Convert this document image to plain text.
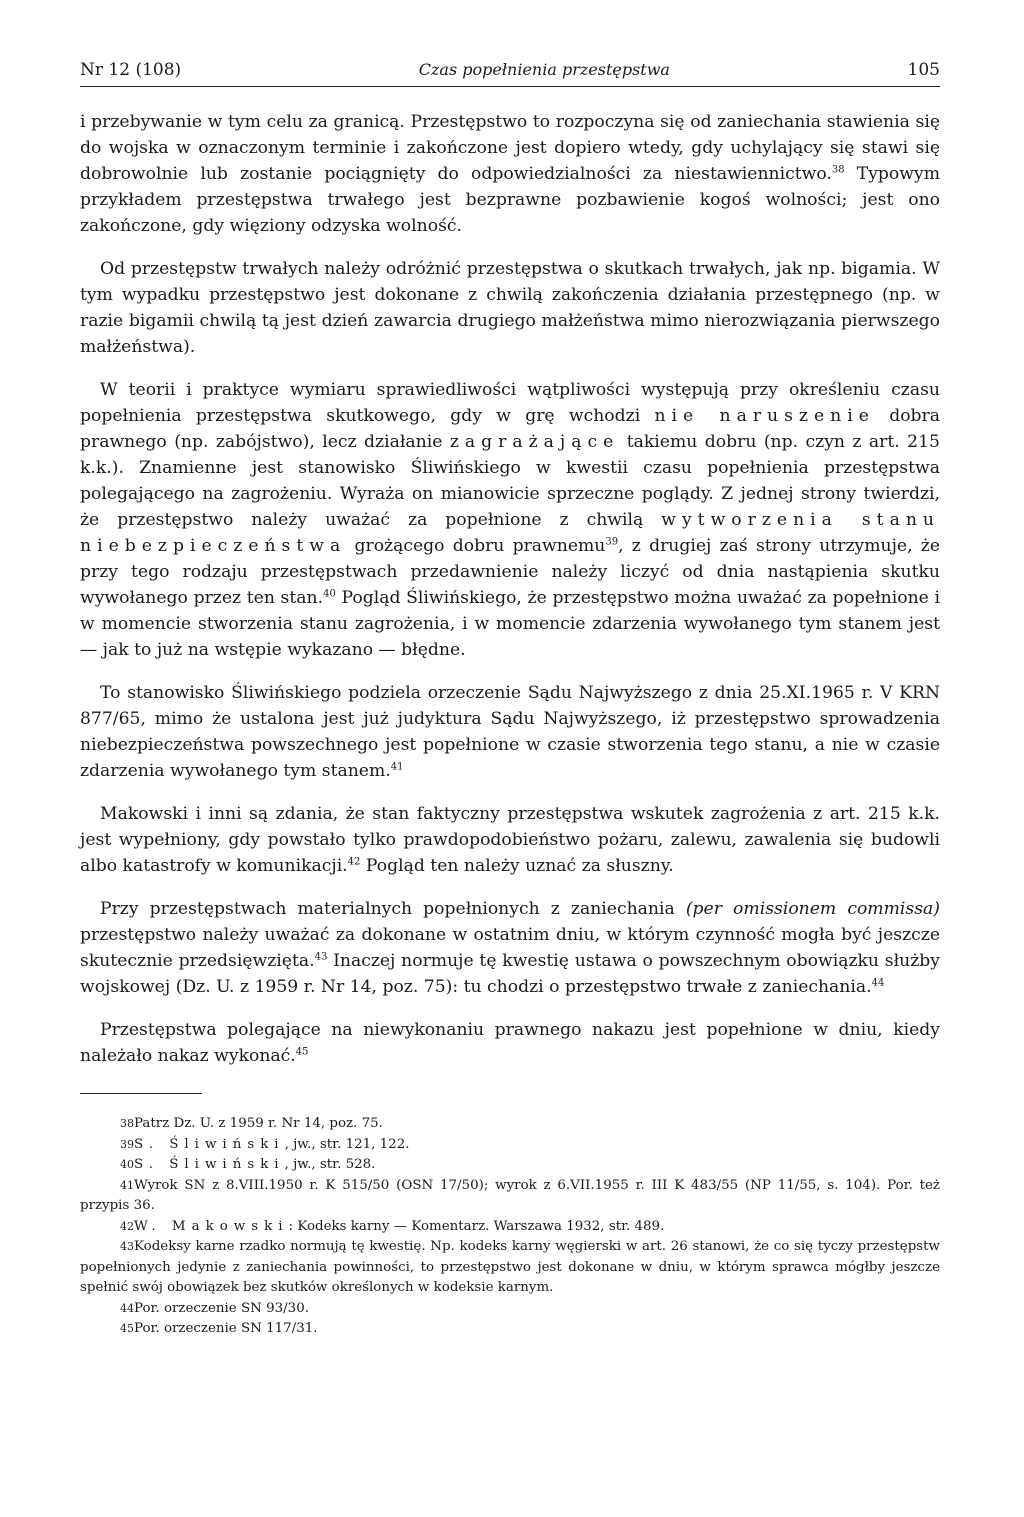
Nr 12 (108)	Czas popełnienia przestępstwa	105

i przebywanie w tym celu za granicą. Przestępstwo to rozpoczyna się od zaniechania stawienia się do wojska w oznaczonym terminie i zakończone jest dopiero wtedy, gdy uchylający się stawi się dobrowolnie lub zostanie pociągnięty do odpowiedzialności za niestawiennictwo.$^{38}$ Typowym przykładem przestępstwa trwałego jest bezprawne pozbawienie kogoś wolności; jest ono zakończone, gdy więziony odzyska wolność.

Od przestępstw trwałych należy odróżnić przestępstwa o skutkach trwałych, jak np. bigamia. W tym wypadku przestępstwo jest dokonane z chwilą zakończenia działania przestępnego (np. w razie bigamii chwilą tą jest dzień zawarcia drugiego małżeństwa mimo nierozwiązania pierwszego małżeństwa).

W teorii i praktyce wymiaru sprawiedliwości wątpliwości występują przy określeniu czasu popełnienia przestępstwa skutkowego, gdy w grę wchodzi nie naruszenie dobra prawnego (np. zabójstwo), lecz działanie zagrażające takiemu dobru (np. czyn z art. 215 k.k.). Znamienne jest stanowisko Śliwińskiego w kwestii czasu popełnienia przestępstwa polegającego na zagrożeniu. Wyraża on mianowicie sprzeczne poglądy. Z jednej strony twierdzi, że przestępstwo należy uważać za popełnione z chwilą wytworzenia stanu niebezpieczeństwa grożącego dobru prawnemu$^{39}$, z drugiej zaś strony utrzymuje, że przy tego rodzaju przestępstwach przedawnienie należy liczyć od dnia nastąpienia skutku wywołanego przez ten stan.$^{40}$ Pogląd Śliwińskiego, że przestępstwo można uważać za popełnione i w momencie stworzenia stanu zagrożenia, i w momencie zdarzenia wywołanego tym stanem jest — jak to już na wstępie wykazano — błędne.

To stanowisko Śliwińskiego podziela orzeczenie Sądu Najwyższego z dnia 25.XI.1965 r. V KRN 877/65, mimo że ustalona jest już judyktura Sądu Najwyższego, iż przestępstwo sprowadzenia niebezpieczeństwa powszechnego jest popełnione w czasie stworzenia tego stanu, a nie w czasie zdarzenia wywołanego tym stanem.$^{41}$

Makowski i inni są zdania, że stan faktyczny przestępstwa wskutek zagrożenia z art. 215 k.k. jest wypełniony, gdy powstało tylko prawdopodobieństwo pożaru, zalewu, zawalenia się budowli albo katastrofy w komunikacji.$^{42}$ Pogląd ten należy uznać za słuszny.

Przy przestępstwach materialnych popełnionych z zaniechania (per omissionem commissa) przestępstwo należy uważać za dokonane w ostatnim dniu, w którym czynność mogła być jeszcze skutecznie przedsięwzięta.$^{43}$ Inaczej normuje tę kwestię ustawa o powszechnym obowiązku służby wojskowej (Dz. U. z 1959 r. Nr 14, poz. 75): tu chodzi o przestępstwo trwałe z zaniechania.$^{44}$

Przestępstwa polegające na niewykonaniu prawnego nakazu jest popełnione w dniu, kiedy należało nakaz wykonać.$^{45}$

38Patrz Dz. U. z 1959 r. Nr 14, poz. 75.

39S. Śliwiński, jw., str. 121, 122.

40S. Śliwiński, jw., str. 528.

41Wyrok SN z 8.VIII.1950 r. K 515/50 (OSN 17/50); wyrok z 6.VII.1955 r. III K 483/55 (NP 11/55, s. 104). Por. też przypis 36.

42W. Makowski: Kodeks karny — Komentarz. Warszawa 1932, str. 489.

43Kodeksy karne rzadko normują tę kwestię. Np. kodeks karny węgierski w art. 26 stanowi, że co się tyczy przestępstw popełnionych jedynie z zaniechania powinności, to przestępstwo jest dokonane w dniu, w którym sprawca mógłby jeszcze spełnić swój obowiązek bez skutków określonych w kodeksie karnym.

44Por. orzeczenie SN 93/30.

45Por. orzeczenie SN 117/31.
